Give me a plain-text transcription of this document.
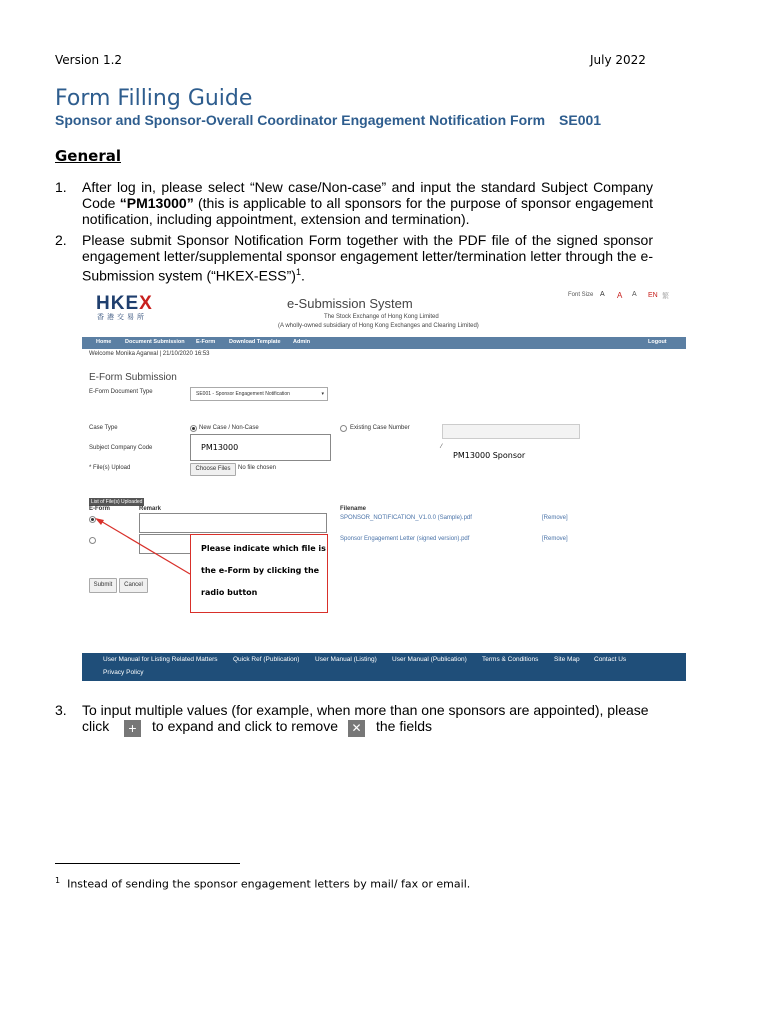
Version 1.2	July 2022
Form Filling Guide
Sponsor and Sponsor-Overall Coordinator Engagement Notification Form SE001
General
1. After log in, please select “New case/Non-case” and input the standard Subject Company Code “PM13000” (this is applicable to all sponsors for the purpose of sponsor engagement notification, including appointment, extension and termination).
2. Please submit Sponsor Notification Form together with the PDF file of the signed sponsor engagement letter/supplemental sponsor engagement letter/termination letter through the e-Submission system (“HKEX-ESS”)$^1$.
HKEX
香港交易所
e-Submission System
The Stock Exchange of Hong Kong Limited
(A wholly-owned subsidiary of Hong Kong Exchanges and Clearing Limited)
Font Size A A A EN 繁
Home Document Submission E-Form	Download Template Admin	Logout
Welcome Monika Agarwal | 21/10/2020 16:53
E-Form Submission
E-Form Document Type	SE001 - Sponsor Engagement Notification	▾
Case Type	New Case / Non-Case	Existing Case Number
Subject Company Code	PM13000	⁄
PM13000 Sponsor
* File(s) Upload	Choose Files	No file chosen
List of File(s) Uploaded
E-Form	Remark	Filename
SPONSOR_NOTIFICATION_V1.0.0 (Sample).pdf	[Remove]
Sponsor Engagement Letter (signed version).pdf	[Remove]
Submit	Cancel
Please indicate which file is
the e-Form by clicking the
radio button
User Manual for Listing Related Matters Quick Ref (Publication) User Manual (Listing) User Manual (Publication) Terms & Conditions Site Map Contact Us
Privacy Policy
3. To input multiple values (for example, when more than one sponsors are appointed), please
click	+	to expand and click to remove ✕ the fields
$^1$ Instead of sending the sponsor engagement letters by mail/ fax or email.
